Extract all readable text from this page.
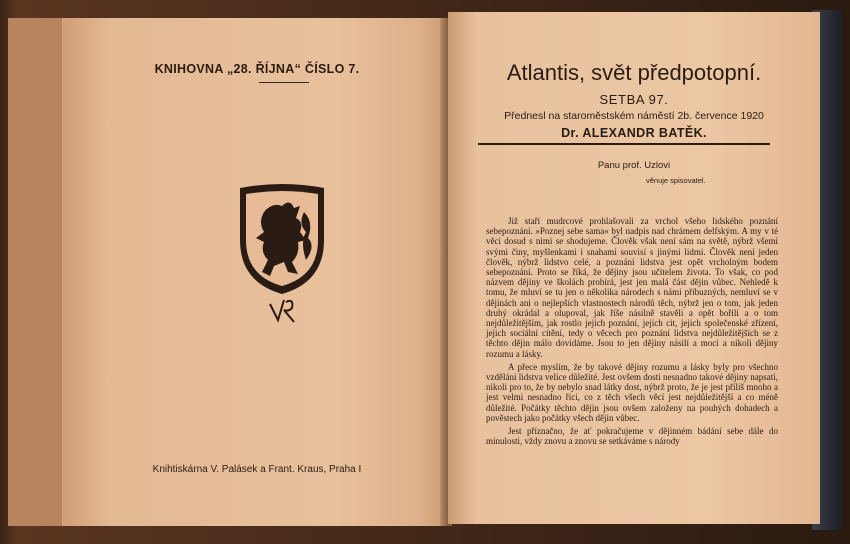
KNIHOVNA „28. ŘÍJNA“ ČÍSLO 7.
Knihtiskárna V. Palásek a Frant. Kraus, Praha I
Atlantis, svět předpotopní.
SETBA 97.
Přednesl na staroměstském náměstí 2b. července 1920
Dr. ALEXANDR BATĚK.
Panu prof. Uzlovi
věnuje spisovatel.

Již staří mudrcové prohlašovali za vrchol všeho lidského poznání sebepoznání. »Poznej sebe sama« byl nadpis nad chrámem delfským. A my v té věci dosud s nimi se shodujeme. Člověk však není sám na světě, nýbrž všemi svými činy, myšlenkami i snahami souvisí s jinými lidmi. Člověk není jeden člověk, nýbrž lidstvo celé, a poznání lidstva jest opět vrcholným bodem sebepoznání. Proto se říká, že dějiny jsou učitelem života. To však, co pod názvem dějiny ve školách probírá, jest jen malá část dějin vůbec. Nehledě k tomu, že mluví se tu jen o několika národech s námi příbuzných, nemluví se v dějinách ani o nejlepších vlastnostech národů těch, nýbrž jen o tom, jak jeden druhý okrádal a olupoval, jak říše násilně stavěli a opět bořili a o tom nejdůležitějším, jak rostlo jejich poznání, jejich cit, jejich společenské zřízení, jejich sociální cítění, tedy o věcech pro poznání lidstva nejdůležitějších se z těchto dějin málo dovídáme. Jsou to jen dějiny násilí a moci a nikoli dějiny rozumu a lásky.

A přece myslím, že by takové dějiny rozumu a lásky byly pro všechno vzdělání lidstva velice důležité. Jest ovšem dosti nesnadno takové dějiny napsati, nikoli pro to, že by nebylo snad látky dost, nýbrž proto, že je jest příliš mnoho a jest velmi nesnadno říci, co z těch všech věcí jest nejdůležitější a co méně důležité. Počátky těchto dějin jsou ovšem založeny na pouhých dohadech a pověstech jako počátky všech dějin vůbec.

Jest příznačno, že ať pokračujeme v dějinném bádání sebe dále do minulosti, vždy znovu a znovu se setkáváme s národy
